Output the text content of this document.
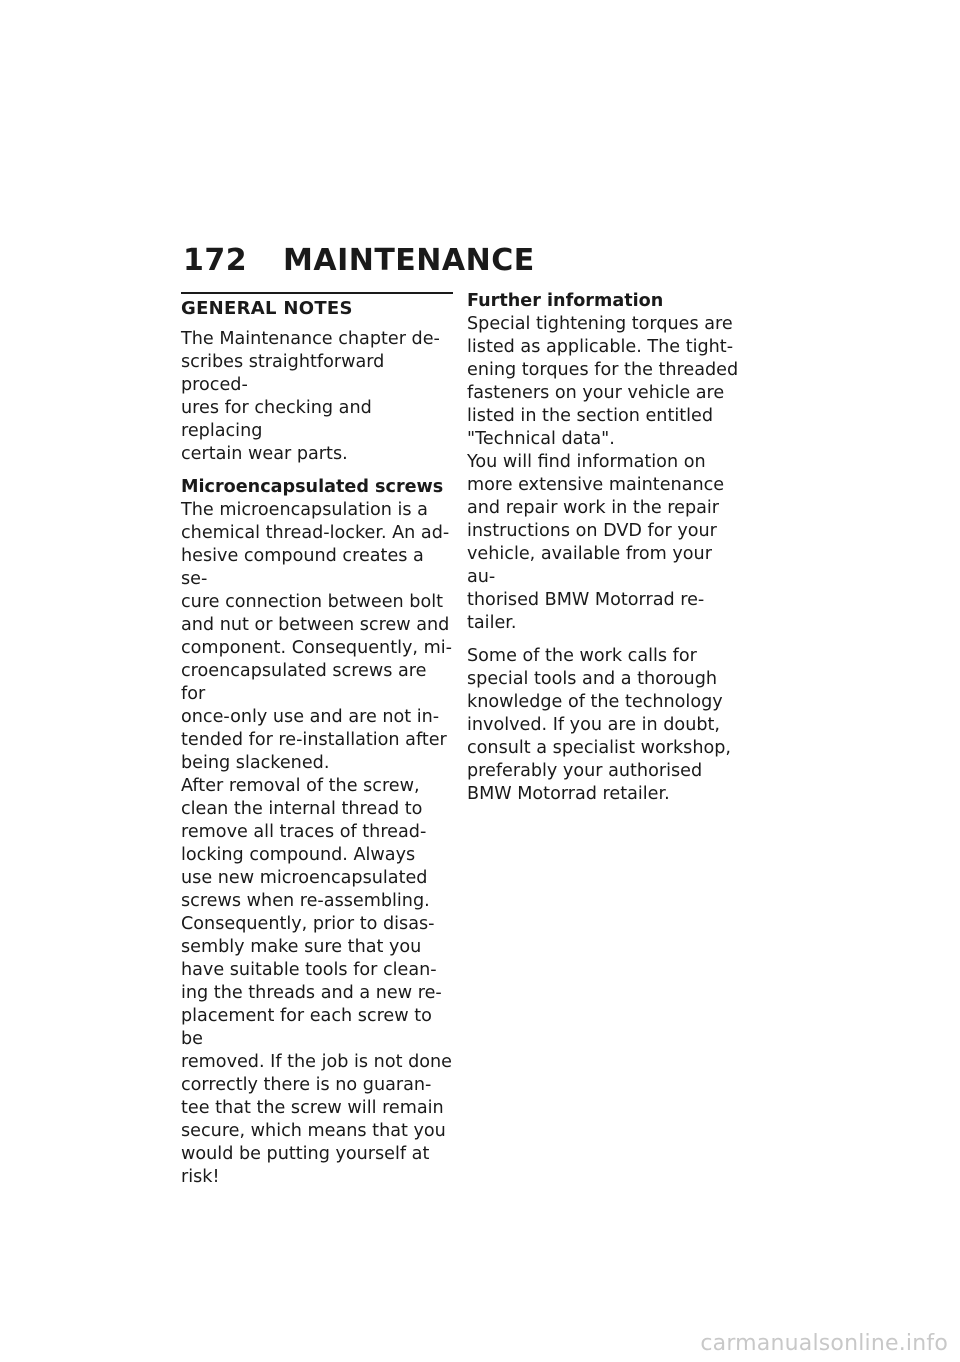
172	MAINTENANCE
GENERAL NOTES

The Maintenance chapter de-
scribes straightforward proced-
ures for checking and replacing
certain wear parts.

Microencapsulated screws

The microencapsulation is a
chemical thread-locker. An ad-
hesive compound creates a se-
cure connection between bolt
and nut or between screw and
component. Consequently, mi-
croencapsulated screws are for
once-only use and are not in-
tended for re-installation after
being slackened.

After removal of the screw,
clean the internal thread to
remove all traces of thread-
locking compound. Always
use new microencapsulated
screws when re-assembling.
Consequently, prior to disas-
sembly make sure that you
have suitable tools for clean-
ing the threads and a new re-
placement for each screw to be
removed. If the job is not done
correctly there is no guaran-
tee that the screw will remain
secure, which means that you
would be putting yourself at
risk!

Further information

Special tightening torques are
listed as applicable. The tight-
ening torques for the threaded
fasteners on your vehicle are
listed in the section entitled
"Technical data".

You will find information on
more extensive maintenance
and repair work in the repair
instructions on DVD for your
vehicle, available from your au-
thorised BMW Motorrad re-
tailer.

Some of the work calls for
special tools and a thorough
knowledge of the technology
involved. If you are in doubt,
consult a specialist workshop,
preferably your authorised
BMW Motorrad retailer.

carmanualsonline.info
